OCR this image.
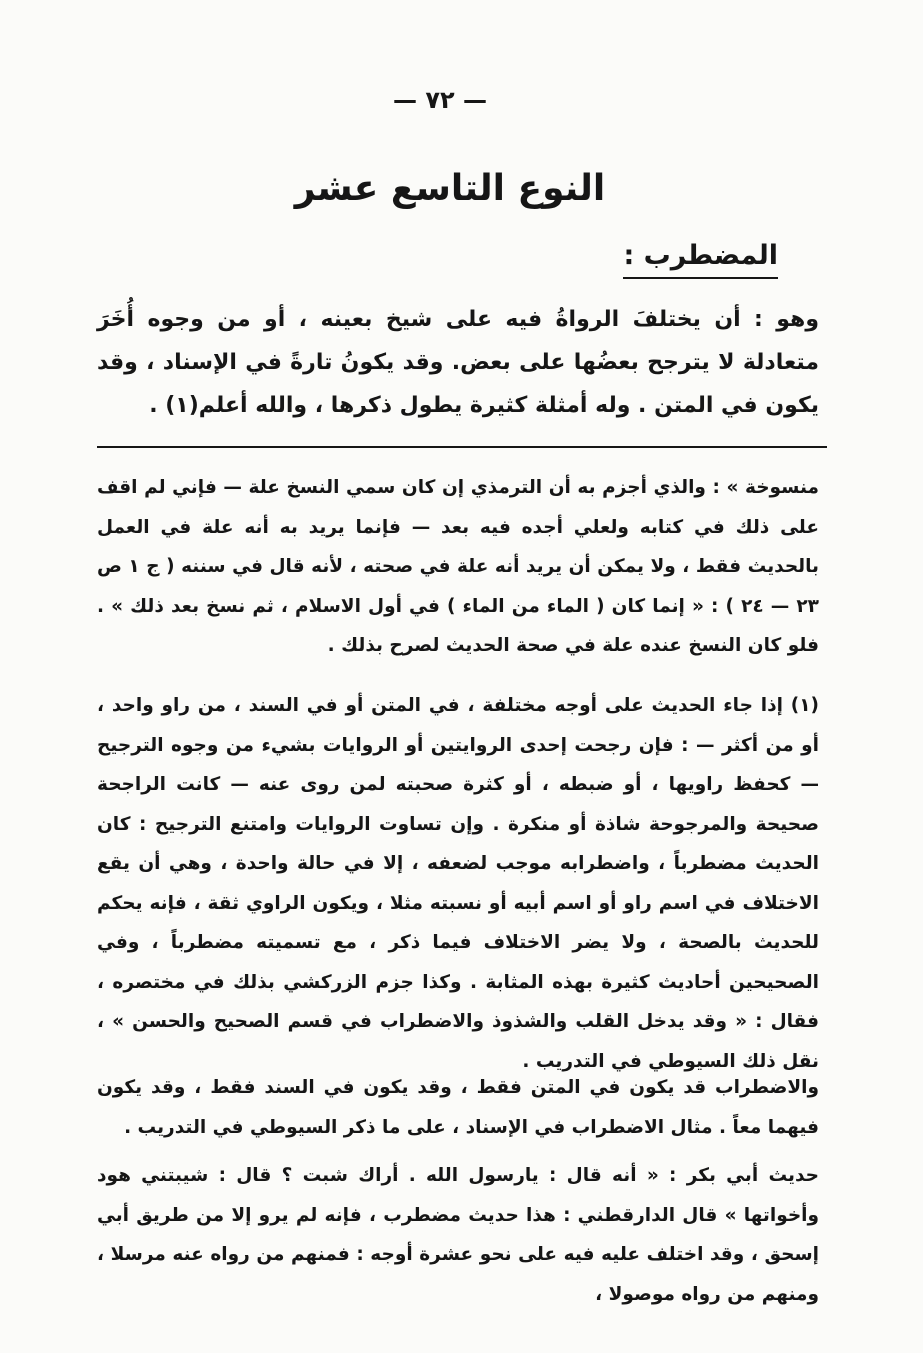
— ٧٢ —
النوع التاسع عشر
المضطرب :

وهو : أن يختلفَ الرواةُ فيه على شيخ بعينه ، أو من وجوه أُخَرَ متعادلة لا يترجح بعضُها على بعض. وقد يكونُ تارةً في الإسناد ، وقد يكون في المتن . وله أمثلة كثيرة يطول ذكرها ، والله أعلم(١) .

منسوخة » : والذي أجزم به أن الترمذي إن كان سمي النسخ علة — فإني لم اقف على ذلك في كتابه ولعلي أجده فيه بعد — فإنما يريد به أنه علة في العمل بالحديث فقط ، ولا يمكن أن يريد أنه علة في صحته ، لأنه قال في سننه ( ج ١ ص ٢٣ — ٢٤ ) : « إنما كان ( الماء من الماء ) في أول الاسلام ، ثم نسخ بعد ذلك » . فلو كان النسخ عنده علة في صحة الحديث لصرح بذلك .

(١) إذا جاء الحديث على أوجه مختلفة ، في المتن أو في السند ، من راو واحد ، أو من أكثر — : فإن رجحت إحدى الروايتين أو الروايات بشيء من وجوه الترجيح — كحفظ راويها ، أو ضبطه ، أو كثرة صحبته لمن روى عنه — كانت الراجحة صحيحة والمرجوحة شاذة أو منكرة . وإن تساوت الروايات وامتنع الترجيح : كان الحديث مضطرباً ، واضطرابه موجب لضعفه ، إلا في حالة واحدة ، وهي أن يقع الاختلاف في اسم راو أو اسم أبيه أو نسبته مثلا ، ويكون الراوي ثقة ، فإنه يحكم للحديث بالصحة ، ولا يضر الاختلاف فيما ذكر ، مع تسميته مضطرباً ، وفي الصحيحين أحاديث كثيرة بهذه المثابة . وكذا جزم الزركشي بذلك في مختصره ، فقال : « وقد يدخل القلب والشذوذ والاضطراب في قسم الصحيح والحسن » ، نقل ذلك السيوطي في التدريب .

والاضطراب قد يكون في المتن فقط ، وقد يكون في السند فقط ، وقد يكون فيهما معاً . مثال الاضطراب في الإسناد ، على ما ذكر السيوطي في التدريب .

حديث أبي بكر : « أنه قال : يارسول الله . أراك شبت ؟ قال : شيبتني هود وأخواتها » قال الدارقطني : هذا حديث مضطرب ، فإنه لم يرو إلا من طريق أبي إسحق ، وقد اختلف عليه فيه على نحو عشرة أوجه : فمنهم من رواه عنه مرسلا ، ومنهم من رواه موصولا ،
